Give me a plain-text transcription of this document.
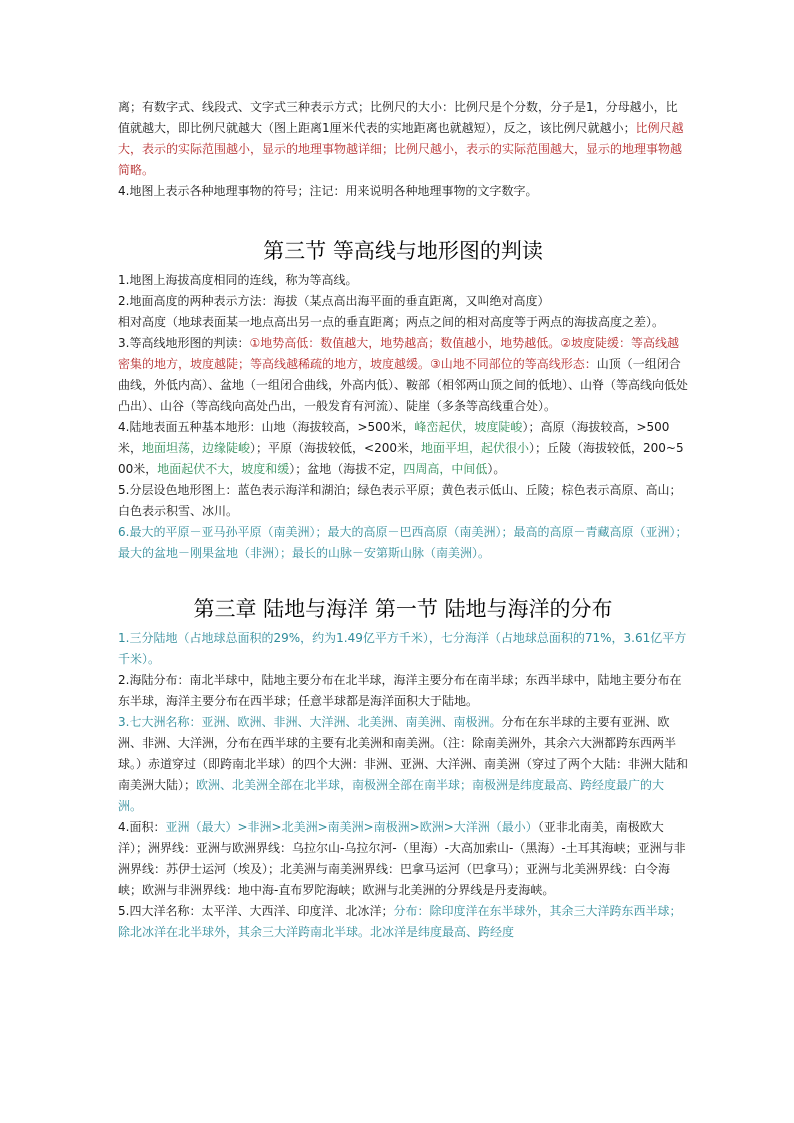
离；有数字式、线段式、文字式三种表示方式；比例尺的大小：比例尺是个分数，分子是1，分母越小，比值就越大，即比例尺就越大（图上距离1厘米代表的实地距离也就越短），反之，该比例尺就越小；比例尺越大，表示的实际范围越小，显示的地理事物越详细；比例尺越小，表示的实际范围越大，显示的地理事物越简略。

4.地图上表示各种地理事物的符号；注记：用来说明各种地理事物的文字数字。

第三节 等高线与地形图的判读

1.地图上海拔高度相同的连线，称为等高线。

2.地面高度的两种表示方法：海拔（某点高出海平面的垂直距离，又叫绝对高度）

相对高度（地球表面某一地点高出另一点的垂直距离；两点之间的相对高度等于两点的海拔高度之差）。

3.等高线地形图的判读：①地势高低：数值越大，地势越高；数值越小，地势越低。②坡度陡缓：等高线越密集的地方，坡度越陡；等高线越稀疏的地方，坡度越缓。③山地不同部位的等高线形态：山顶（一组闭合曲线，外低内高）、盆地（一组闭合曲线，外高内低）、鞍部（相邻两山顶之间的低地）、山脊（等高线向低处凸出）、山谷（等高线向高处凸出，一般发育有河流）、陡崖（多条等高线重合处）。

4.陆地表面五种基本地形：山地（海拔较高，>500米，峰峦起伏，坡度陡峻）；高原（海拔较高，>500米，地面坦荡，边缘陡峻）；平原（海拔较低，<200米，地面平坦，起伏很小）；丘陵（海拔较低，200~500米，地面起伏不大，坡度和缓）；盆地（海拔不定，四周高，中间低）。

5.分层设色地形图上：蓝色表示海洋和湖泊；绿色表示平原；黄色表示低山、丘陵；棕色表示高原、高山；白色表示积雪、冰川。

6.最大的平原－亚马孙平原（南美洲）；最大的高原－巴西高原（南美洲）；最高的高原－青藏高原（亚洲）；最大的盆地－刚果盆地（非洲）；最长的山脉－安第斯山脉（南美洲）。

第三章 陆地与海洋 第一节 陆地与海洋的分布

1.三分陆地（占地球总面积的29%，约为1.49亿平方千米），七分海洋（占地球总面积的71%，3.61亿平方千米）。

2.海陆分布：南北半球中，陆地主要分布在北半球，海洋主要分布在南半球；东西半球中，陆地主要分布在东半球，海洋主要分布在西半球；任意半球都是海洋面积大于陆地。

3.七大洲名称：亚洲、欧洲、非洲、大洋洲、北美洲、南美洲、南极洲。分布在东半球的主要有亚洲、欧洲、非洲、大洋洲，分布在西半球的主要有北美洲和南美洲。（注：除南美洲外，其余六大洲都跨东西两半球。）赤道穿过（即跨南北半球）的四个大洲：非洲、亚洲、大洋洲、南美洲（穿过了两个大陆：非洲大陆和南美洲大陆）；欧洲、北美洲全部在北半球，南极洲全部在南半球；南极洲是纬度最高、跨经度最广的大洲。

4.面积：亚洲（最大）>非洲>北美洲>南美洲>南极洲>欧洲>大洋洲（最小）（亚非北南美，南极欧大洋）；洲界线：亚洲与欧洲界线：乌拉尔山-乌拉尔河-（里海）-大高加索山-（黑海）-土耳其海峡；亚洲与非洲界线：苏伊士运河（埃及）；北美洲与南美洲界线：巴拿马运河（巴拿马）；亚洲与北美洲界线：白令海峡；欧洲与非洲界线：地中海-直布罗陀海峡；欧洲与北美洲的分界线是丹麦海峡。

5.四大洋名称：太平洋、大西洋、印度洋、北冰洋；分布：除印度洋在东半球外，其余三大洋跨东西半球；除北冰洋在北半球外，其余三大洋跨南北半球。北冰洋是纬度最高、跨经度
